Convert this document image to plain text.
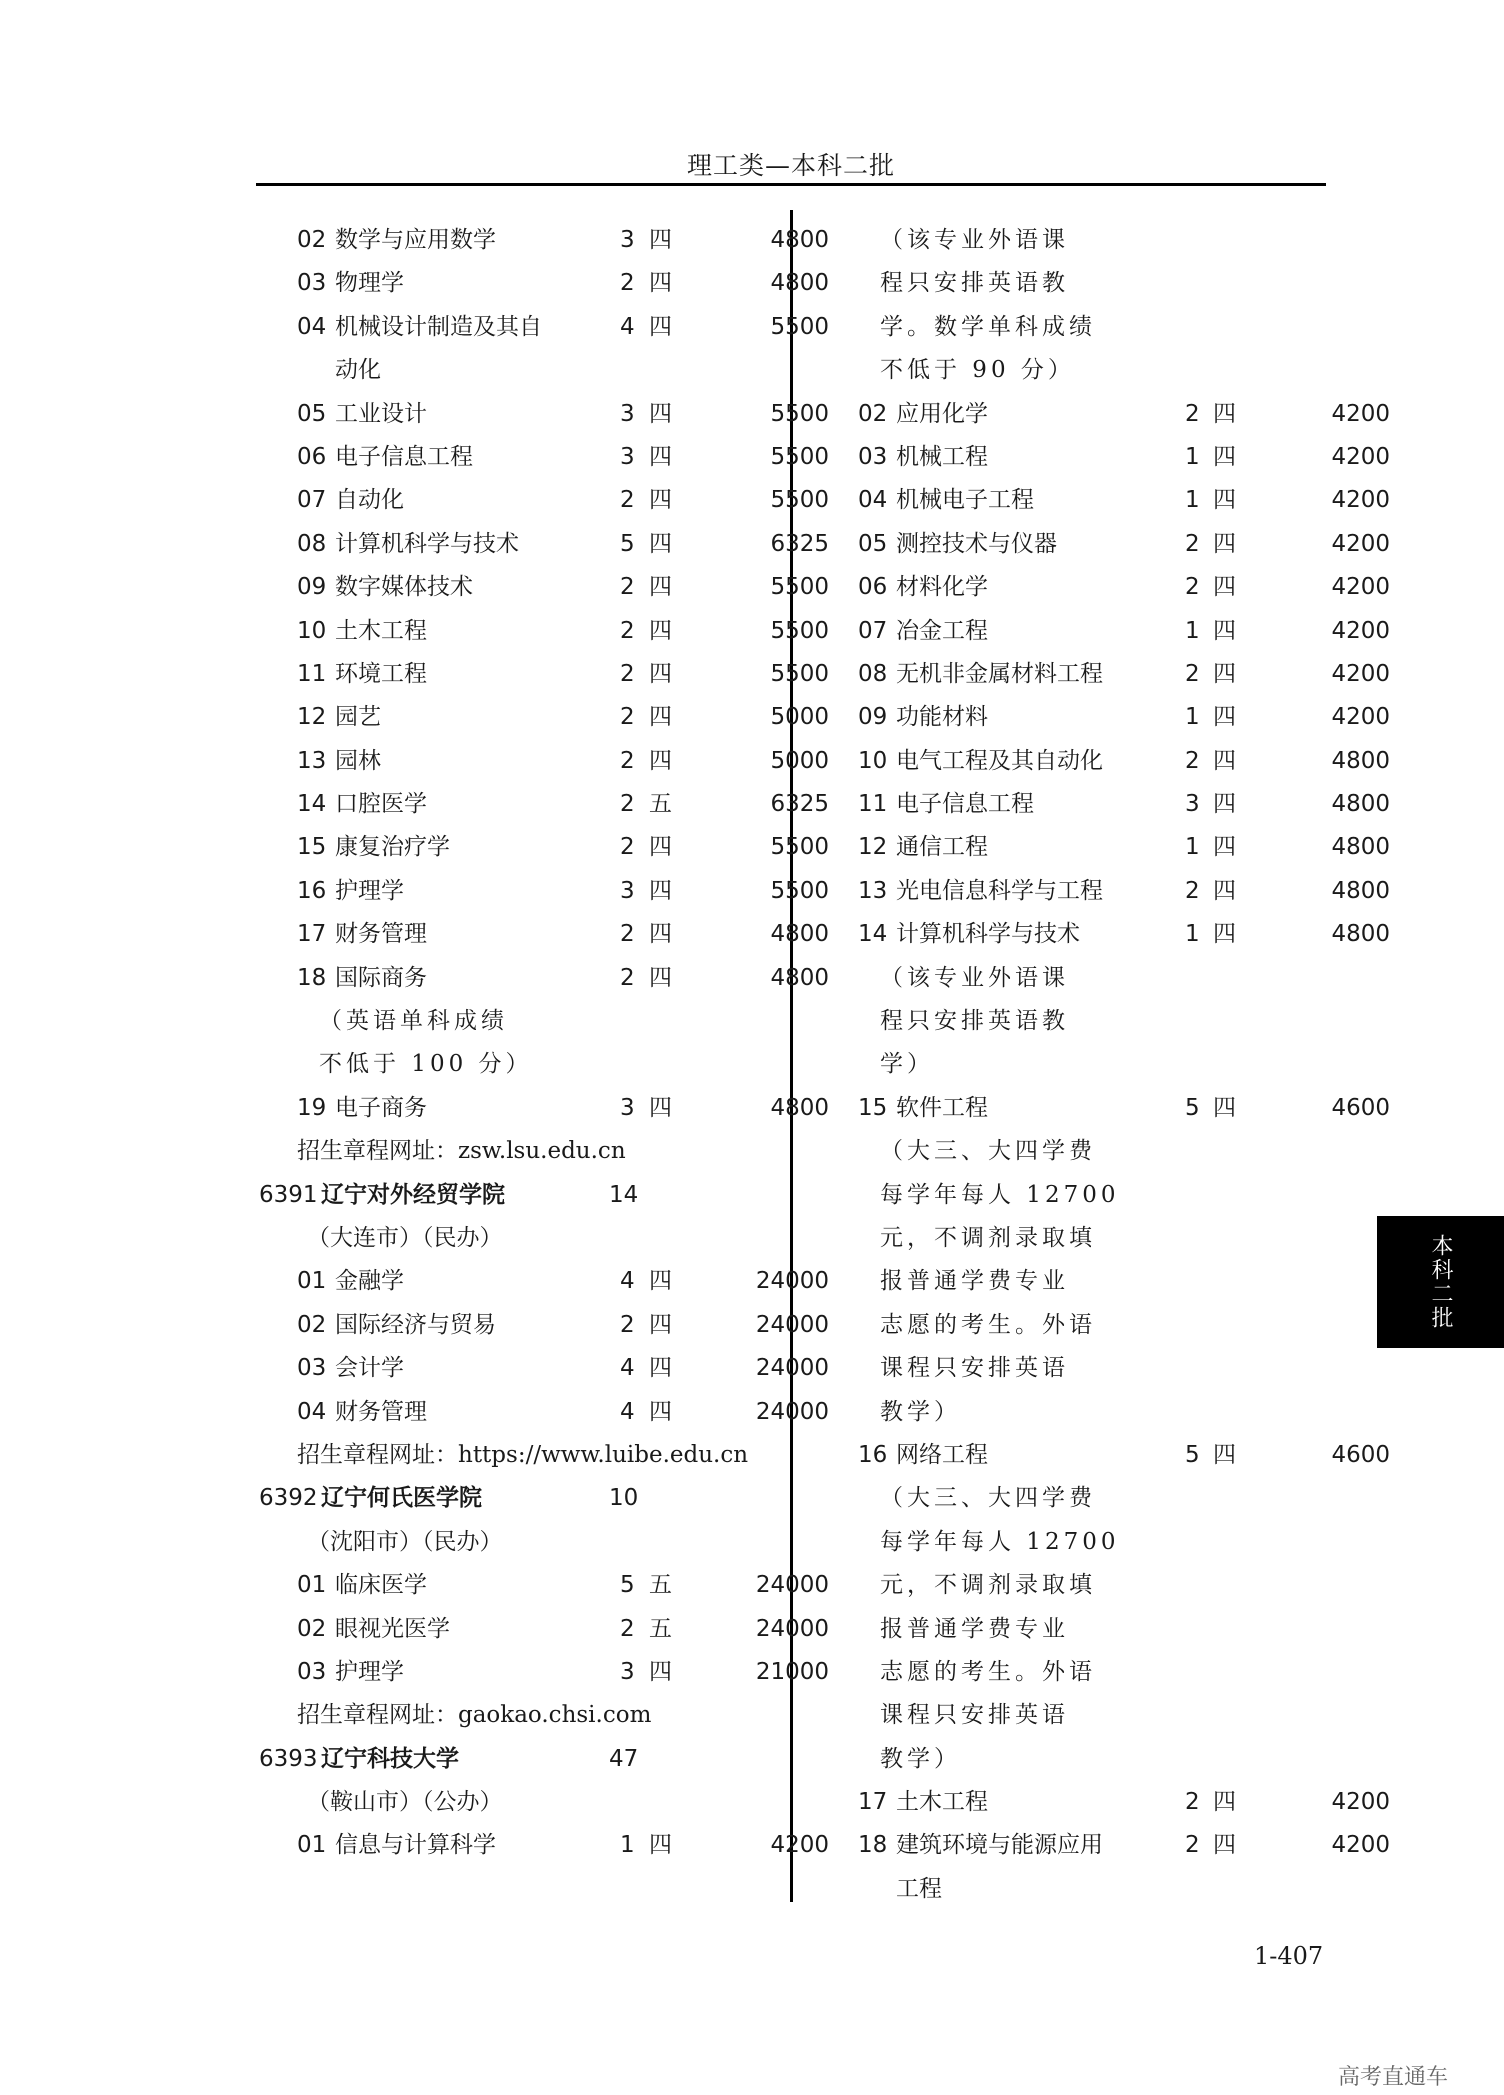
理工类—本科二批
02 数学与应用数学	3 四	4800
03 物理学	2 四	4800
04 机械设计制造及其自	4 四	5500
动化
05 工业设计	3 四	5500
06 电子信息工程	3 四	5500
07 自动化	2 四	5500
08 计算机科学与技术	5 四	6325
09 数字媒体技术	2 四	5500
10 土木工程	2 四	5500
11 环境工程	2 四	5500
12 园艺	2 四	5000
13 园林	2 四	5000
14 口腔医学	2 五	6325
15 康复治疗学	2 四	5500
16 护理学	3 四	5500
17 财务管理	2 四	4800
18 国际商务	2 四	4800
（英语单科成绩
不低于 100 分）
19 电子商务	3 四	4800
招生章程网址：zsw.lsu.edu.cn
6391 辽宁对外经贸学院	14
（大连市）（民办）
01 金融学	4 四	24000
02 国际经济与贸易	2 四	24000
03 会计学	4 四	24000
04 财务管理	4 四	24000
招生章程网址：https://www.luibe.edu.cn
6392 辽宁何氏医学院	10
（沈阳市）（民办）
01 临床医学	5 五	24000
02 眼视光医学	2 五	24000
03 护理学	3 四	21000
招生章程网址：gaokao.chsi.com
6393 辽宁科技大学	47
（鞍山市）（公办）
01 信息与计算科学	1 四	4200
（该专业外语课
程只安排英语教
学。数学单科成绩
不低于 90 分）
02 应用化学	2 四	4200
03 机械工程	1 四	4200
04 机械电子工程	1 四	4200
05 测控技术与仪器	2 四	4200
06 材料化学	2 四	4200
07 冶金工程	1 四	4200
08 无机非金属材料工程	2 四	4200
09 功能材料	1 四	4200
10 电气工程及其自动化	2 四	4800
11 电子信息工程	3 四	4800
12 通信工程	1 四	4800
13 光电信息科学与工程	2 四	4800
14 计算机科学与技术	1 四	4800
（该专业外语课
程只安排英语教
学）
15 软件工程	5 四	4600
（大三、大四学费
每学年每人 12700
元，不调剂录取填
报普通学费专业
志愿的考生。外语
课程只安排英语
教学）
16 网络工程	5 四	4600
（大三、大四学费
每学年每人 12700
元，不调剂录取填
报普通学费专业
志愿的考生。外语
课程只安排英语
教学）
17 土木工程	2 四	4200
18 建筑环境与能源应用	2 四	4200
工程
1-407
本科二批
高考直通车
